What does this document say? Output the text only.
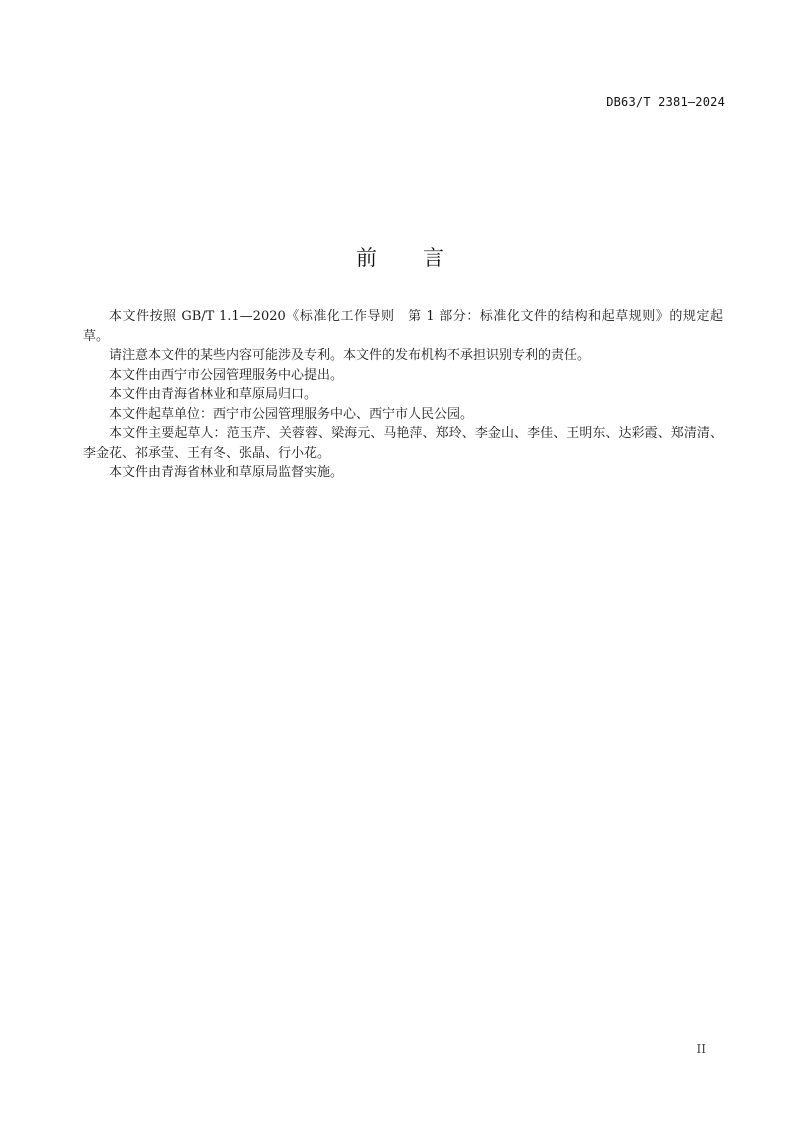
DB63/T 2381—2024
前 言

本文件按照 GB/T 1.1—2020《标准化工作导则　第 1 部分：标准化文件的结构和起草规则》的规定起草。

请注意本文件的某些内容可能涉及专利。本文件的发布机构不承担识别专利的责任。

本文件由西宁市公园管理服务中心提出。

本文件由青海省林业和草原局归口。

本文件起草单位：西宁市公园管理服务中心、西宁市人民公园。

本文件主要起草人：范玉芹、关蓉蓉、梁海元、马艳萍、郑玲、李金山、李佳、王明东、达彩霞、郑清清、李金花、祁承莹、王有冬、张晶、行小花。

本文件由青海省林业和草原局监督实施。

II
